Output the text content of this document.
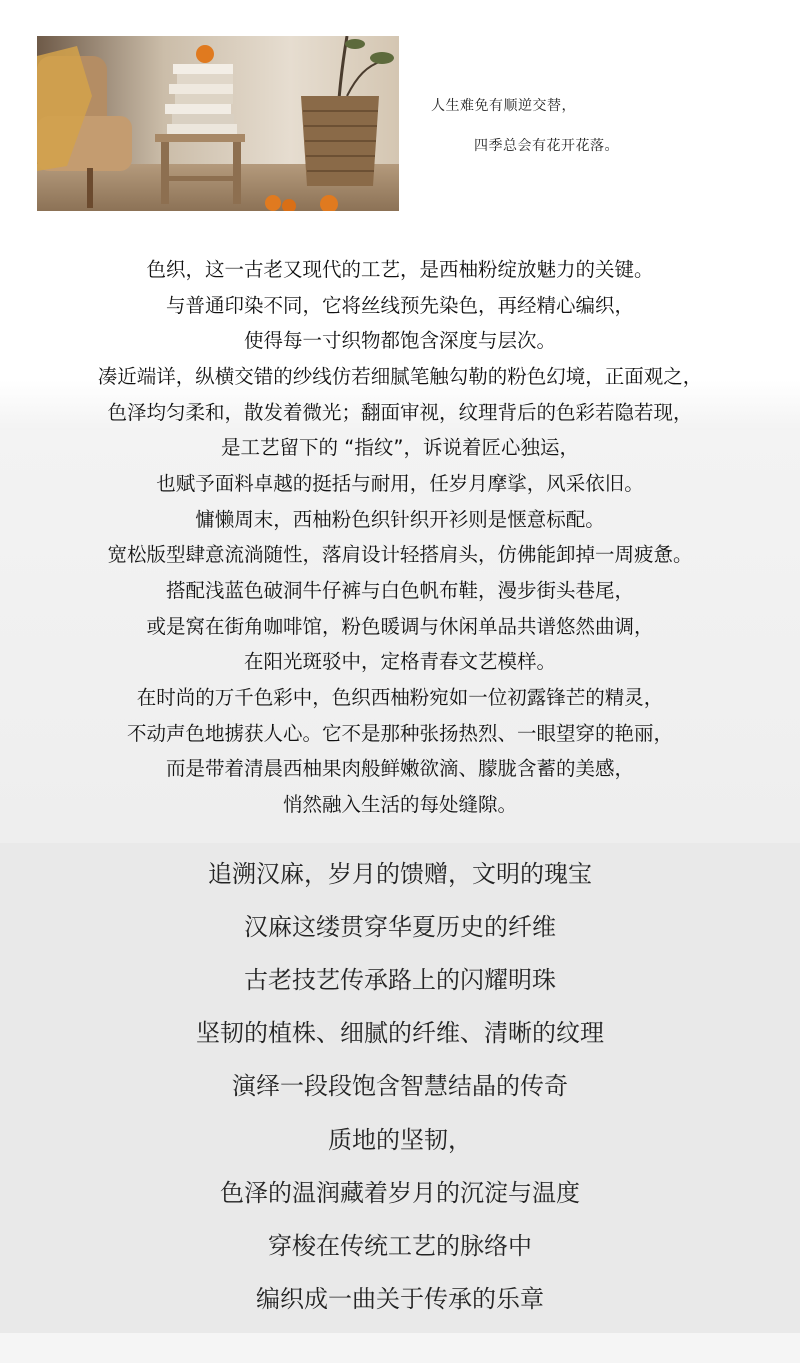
人生难免有顺逆交替，
四季总会有花开花落。
色织，这一古老又现代的工艺，是西柚粉绽放魅力的关键。
与普通印染不同，它将丝线预先染色，再经精心编织，
使得每一寸织物都饱含深度与层次。
凑近端详，纵横交错的纱线仿若细腻笔触勾勒的粉色幻境，正面观之，
色泽均匀柔和，散发着微光；翻面审视，纹理背后的色彩若隐若现，
是工艺留下的 “指纹”，诉说着匠心独运，
也赋予面料卓越的挺括与耐用，任岁月摩挲，风采依旧。
慵懒周末，西柚粉色织针织开衫则是惬意标配。
宽松版型肆意流淌随性，落肩设计轻搭肩头，仿佛能卸掉一周疲惫。
搭配浅蓝色破洞牛仔裤与白色帆布鞋，漫步街头巷尾，
或是窝在街角咖啡馆，粉色暖调与休闲单品共谱悠然曲调，
在阳光斑驳中，定格青春文艺模样。
在时尚的万千色彩中，色织西柚粉宛如一位初露锋芒的精灵，
不动声色地掳获人心。它不是那种张扬热烈、一眼望穿的艳丽，
而是带着清晨西柚果肉般鲜嫩欲滴、朦胧含蓄的美感，
悄然融入生活的每处缝隙。
追溯汉麻，岁月的馈赠，文明的瑰宝
汉麻这缕贯穿华夏历史的纤维
古老技艺传承路上的闪耀明珠
坚韧的植株、细腻的纤维、清晰的纹理
演绎一段段饱含智慧结晶的传奇
质地的坚韧，
色泽的温润藏着岁月的沉淀与温度
穿梭在传统工艺的脉络中
编织成一曲关于传承的乐章
